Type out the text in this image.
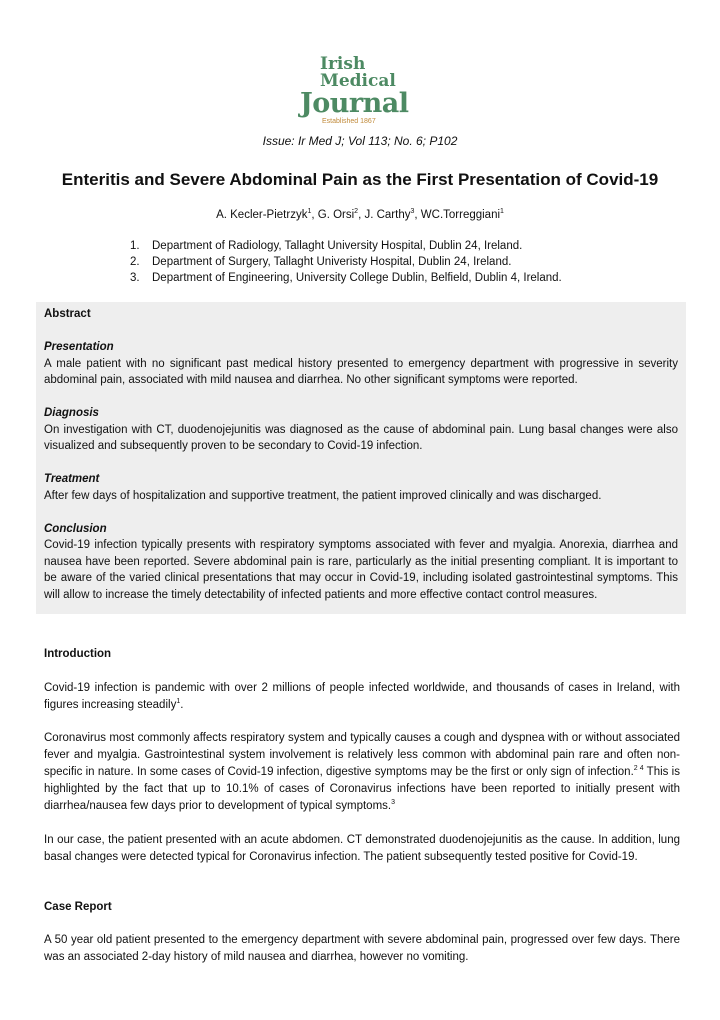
Irish
Medical
Journal
Established 1867
Issue: Ir Med J; Vol 113; No. 6; P102
Enteritis and Severe Abdominal Pain as the First Presentation of Covid-19
A. Kecler-Pietrzyk$^1$, G. Orsi$^2$, J. Carthy$^3$, WC.Torreggiani$^1$
1. Department of Radiology, Tallaght University Hospital, Dublin 24, Ireland.
2. Department of Surgery, Tallaght Univeristy Hospital, Dublin 24, Ireland.
3. Department of Engineering, University College Dublin, Belfield, Dublin 4, Ireland.

Abstract

Presentation

A male patient with no significant past medical history presented to emergency department with progressive in severity abdominal pain, associated with mild nausea and diarrhea. No other significant symptoms were reported.

Diagnosis

On investigation with CT, duodenojejunitis was diagnosed as the cause of abdominal pain. Lung basal changes were also visualized and subsequently proven to be secondary to Covid-19 infection.

Treatment

After few days of hospitalization and supportive treatment, the patient improved clinically and was discharged.

Conclusion

Covid-19 infection typically presents with respiratory symptoms associated with fever and myalgia. Anorexia, diarrhea and nausea have been reported. Severe abdominal pain is rare, particularly as the initial presenting compliant. It is important to be aware of the varied clinical presentations that may occur in Covid-19, including isolated gastrointestinal symptoms. This will allow to increase the timely detectability of infected patients and more effective contact control measures.

Introduction

Covid-19 infection is pandemic with over 2 millions of people infected worldwide, and thousands of cases in Ireland, with figures increasing steadily$^1$.

Coronavirus most commonly affects respiratory system and typically causes a cough and dyspnea with or without associated fever and myalgia. Gastrointestinal system involvement is relatively less common with abdominal pain rare and often non-specific in nature. In some cases of Covid-19 infection, digestive symptoms may be the first or only sign of infection.$^{2 4}$ This is highlighted by the fact that up to 10.1% of cases of Coronavirus infections have been reported to initially present with diarrhea/nausea few days prior to development of typical symptoms.$^3$

In our case, the patient presented with an acute abdomen. CT demonstrated duodenojejunitis as the cause. In addition, lung basal changes were detected typical for Coronavirus infection. The patient subsequently tested positive for Covid-19.

Case Report

A 50 year old patient presented to the emergency department with severe abdominal pain, progressed over few days. There was an associated 2-day history of mild nausea and diarrhea, however no vomiting.
